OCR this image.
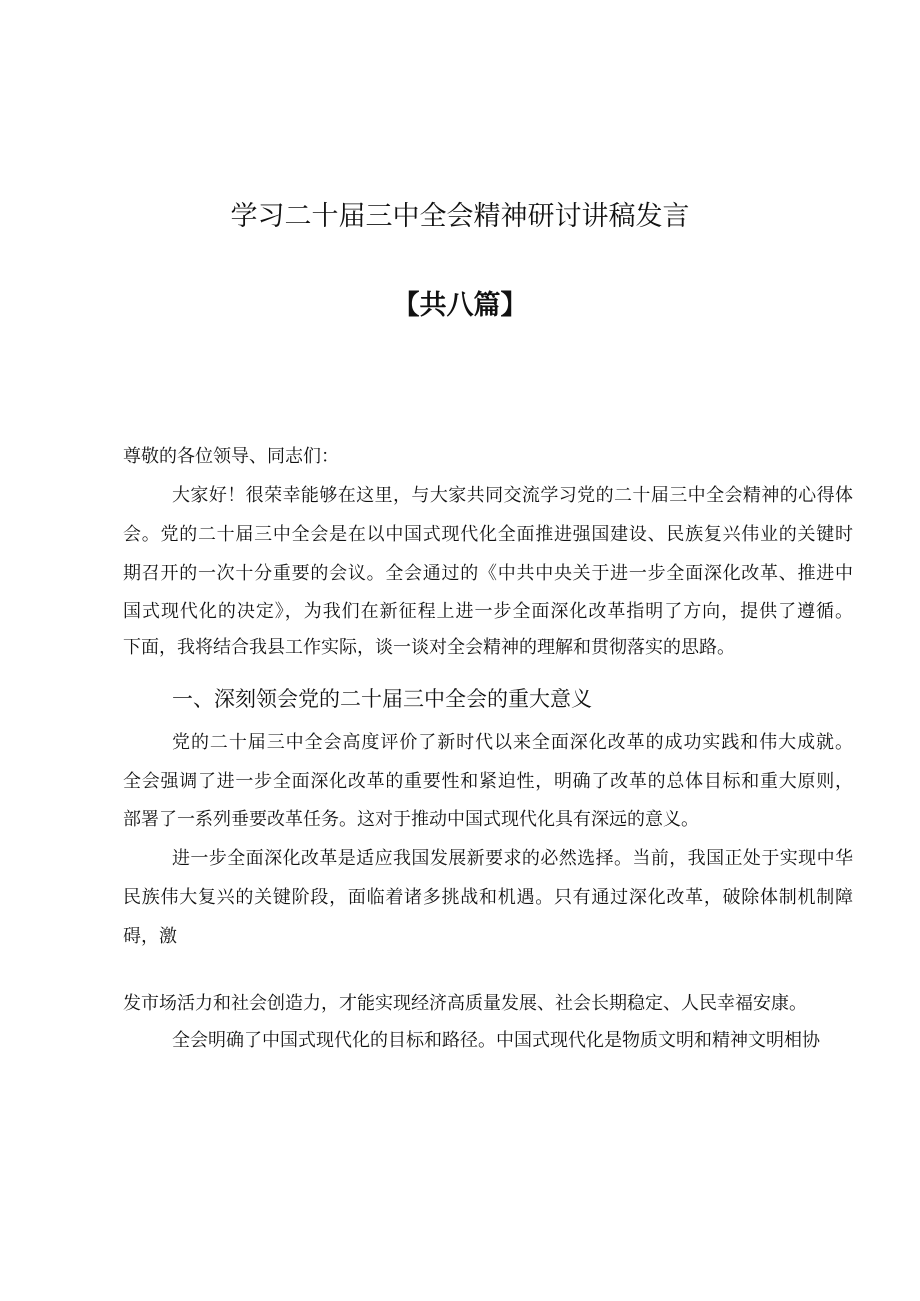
学习二十届三中全会精神研讨讲稿发言
【共八篇】

尊敬的各位领导、同志们：

大家好！很荣幸能够在这里，与大家共同交流学习党的二十届三中全会精神的心得体

会。党的二十届三中全会是在以中国式现代化全面推进强国建设、民族复兴伟业的关键时

期召开的一次十分重要的会议。全会通过的《中共中央关于进一步全面深化改革、推进中

国式现代化的决定》，为我们在新征程上进一步全面深化改革指明了方向，提供了遵循。

下面，我将结合我县工作实际，谈一谈对全会精神的理解和贯彻落实的思路。

一、深刻领会党的二十届三中全会的重大意义

党的二十届三中全会高度评价了新时代以来全面深化改革的成功实践和伟大成就。

全会强调了进一步全面深化改革的重要性和紧迫性，明确了改革的总体目标和重大原则，

部署了一系列垂要改革任务。这对于推动中国式现代化具有深远的意义。

进一步全面深化改革是适应我国发展新要求的必然选择。当前，我国正处于实现中华

民族伟大复兴的关键阶段，面临着诸多挑战和机遇。只有通过深化改革，破除体制机制障

碍，激

发市场活力和社会创造力，才能实现经济高质量发展、社会长期稳定、人民幸福安康。

全会明确了中国式现代化的目标和路径。中国式现代化是物质文明和精神文明相协
